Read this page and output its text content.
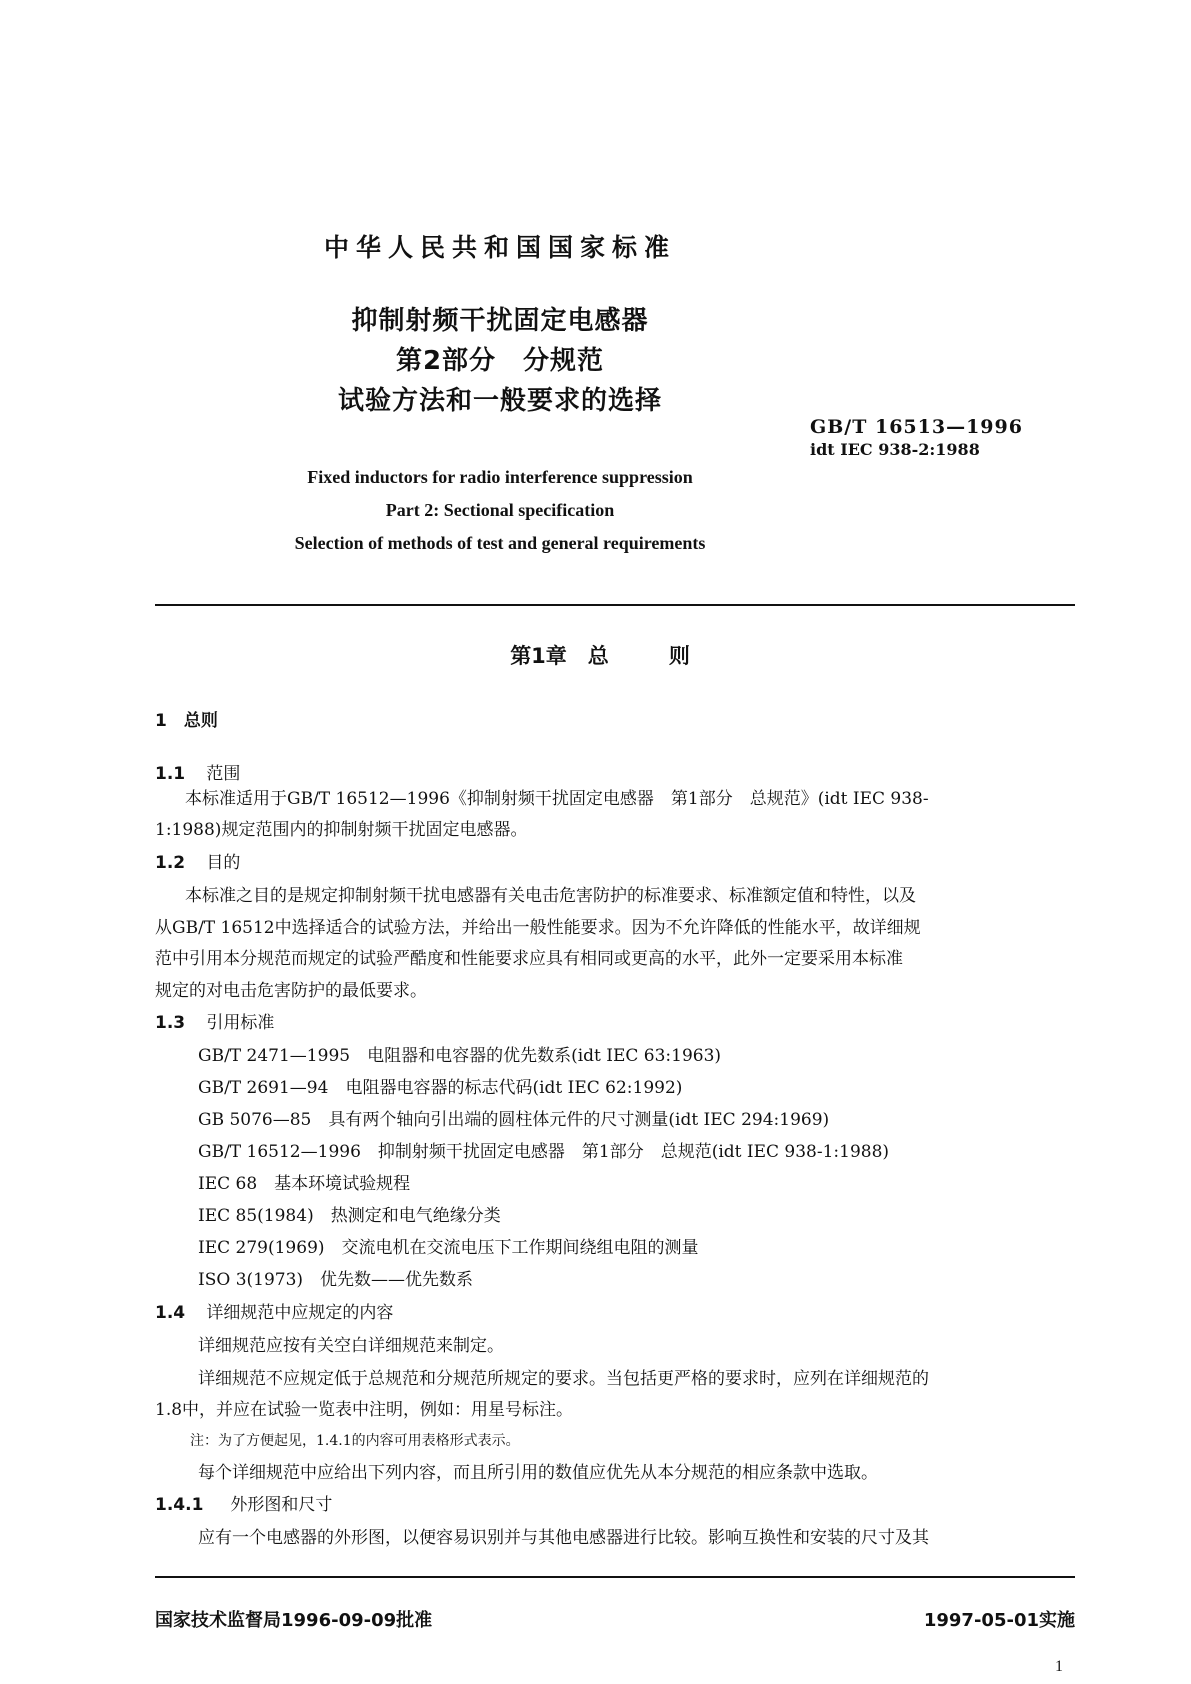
中华人民共和国国家标准
抑制射频干扰固定电感器
第2部分　分规范
试验方法和一般要求的选择
GB/T 16513—1996
idt IEC 938-2:1988
Fixed inductors for radio interference suppression
Part 2: Sectional specification
Selection of methods of test and general requirements
第1章　总	则
1　总则
1.1 范围
本标准适用于GB/T 16512—1996《抑制射频干扰固定电感器　第1部分　总规范》(idt IEC 938-
1:1988)规定范围内的抑制射频干扰固定电感器。
1.2 目的
本标准之目的是规定抑制射频干扰电感器有关电击危害防护的标准要求、标准额定值和特性，以及
从GB/T 16512中选择适合的试验方法，并给出一般性能要求。因为不允许降低的性能水平，故详细规
范中引用本分规范而规定的试验严酷度和性能要求应具有相同或更高的水平，此外一定要采用本标准
规定的对电击危害防护的最低要求。
1.3 引用标准
GB/T 2471—1995　电阻器和电容器的优先数系(idt IEC 63:1963)
GB/T 2691—94　电阻器电容器的标志代码(idt IEC 62:1992)
GB 5076—85　具有两个轴向引出端的圆柱体元件的尺寸测量(idt IEC 294:1969)
GB/T 16512—1996　抑制射频干扰固定电感器　第1部分　总规范(idt IEC 938-1:1988)
IEC 68　基本环境试验规程
IEC 85(1984)　热测定和电气绝缘分类
IEC 279(1969)　交流电机在交流电压下工作期间绕组电阻的测量
ISO 3(1973)　优先数——优先数系
1.4 详细规范中应规定的内容
详细规范应按有关空白详细规范来制定。
详细规范不应规定低于总规范和分规范所规定的要求。当包括更严格的要求时，应列在详细规范的
1.8中，并应在试验一览表中注明，例如：用星号标注。
注：为了方便起见，1.4.1的内容可用表格形式表示。
每个详细规范中应给出下列内容，而且所引用的数值应优先从本分规范的相应条款中选取。
1.4.1 外形图和尺寸
应有一个电感器的外形图，以便容易识别并与其他电感器进行比较。影响互换性和安装的尺寸及其
国家技术监督局1996-09-09批准	1997-05-01实施
1
